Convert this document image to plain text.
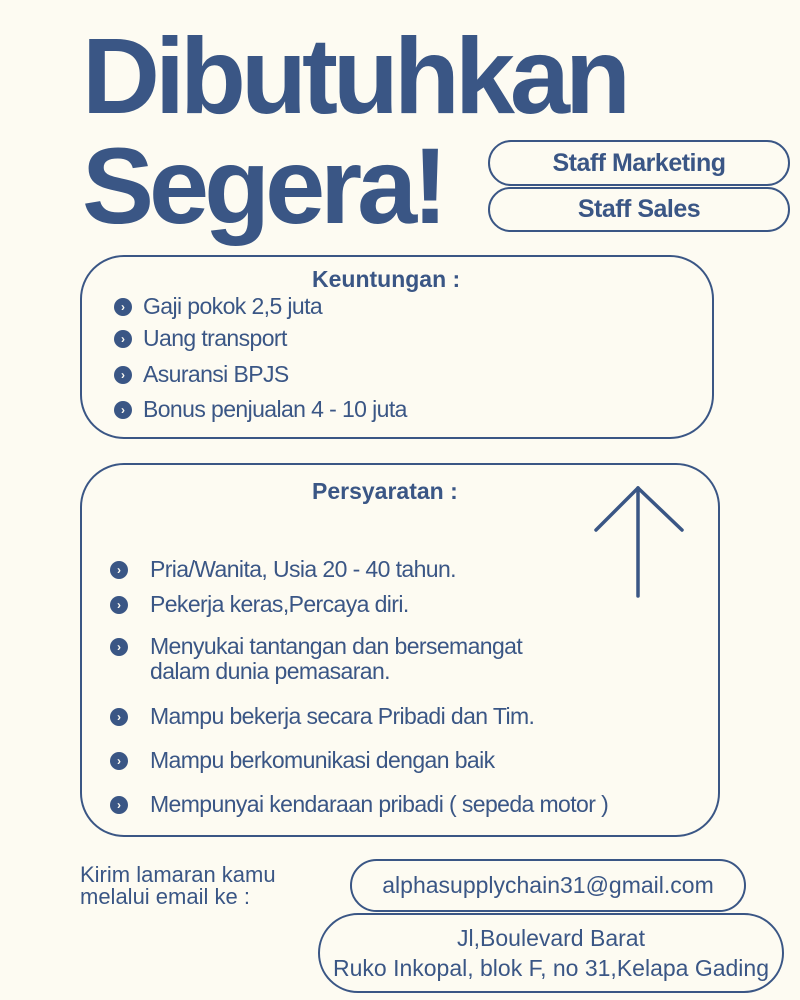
Dibutuhkan
Segera!	Staff Marketing
Staff Sales
Keuntungan :
› Gaji pokok 2,5 juta
› Uang transport
› Asuransi BPJS
› Bonus penjualan 4 - 10 juta
Persyaratan :
›	Pria/Wanita, Usia 20 - 40 tahun.
›	Pekerja keras,Percaya diri.
›	Menyukai tantangan dan bersemangat
dalam dunia pemasaran.
›	Mampu bekerja secara Pribadi dan Tim.
›	Mampu berkomunikasi dengan baik
›	Mempunyai kendaraan pribadi ( sepeda motor )
Kirim lamaran kamu
melalui email ke :	alphasupplychain31@gmail.com
Jl,Boulevard Barat
Ruko Inkopal, blok F, no 31,Kelapa Gading
